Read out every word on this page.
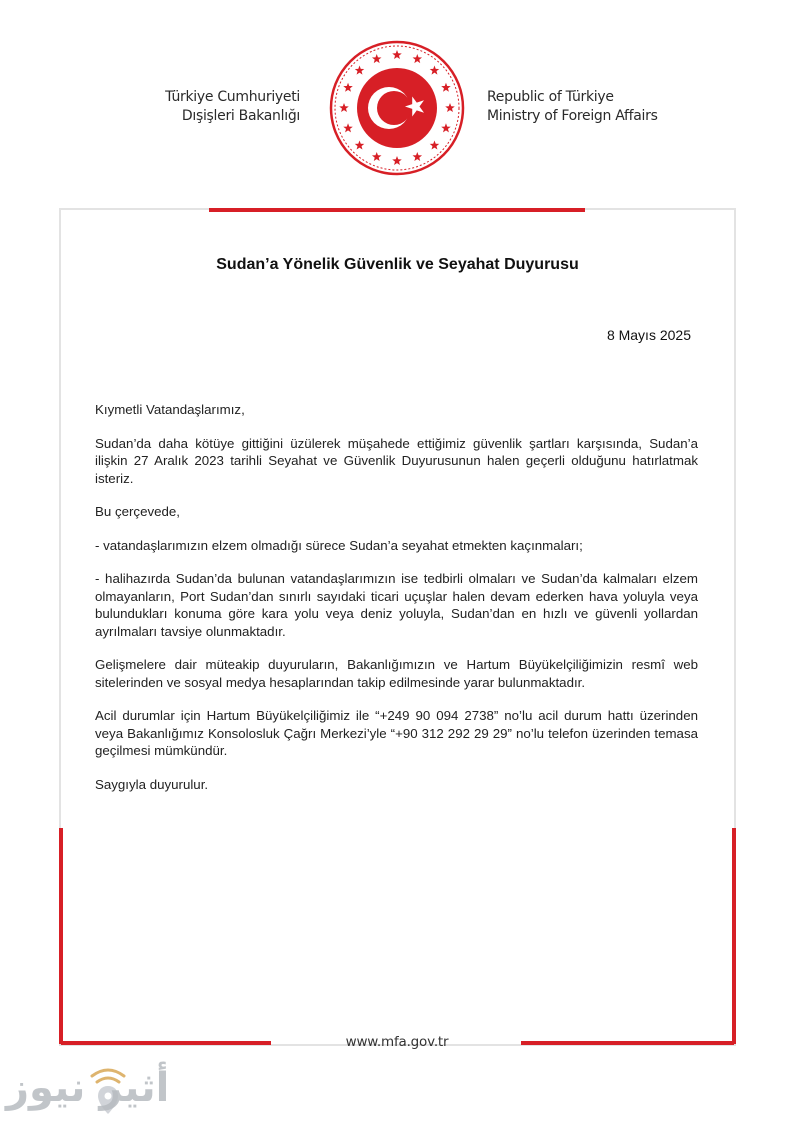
Türkiye Cumhuriyeti
Dışişleri Bakanlığı
Republic of Türkiye
Ministry of Foreign Affairs
Sudan’a Yönelik Güvenlik ve Seyahat Duyurusu
8 Mayıs 2025

Kıymetli Vatandaşlarımız,

Sudan’da daha kötüye gittiğini üzülerek müşahede ettiğimiz güvenlik şartları karşısında, Sudan’a ilişkin 27 Aralık 2023 tarihli Seyahat ve Güvenlik Duyurusunun halen geçerli olduğunu hatırlatmak isteriz.

Bu çerçevede,

- vatandaşlarımızın elzem olmadığı sürece Sudan’a seyahat etmekten kaçınmaları;

- halihazırda Sudan’da bulunan vatandaşlarımızın ise tedbirli olmaları ve Sudan’da kalmaları elzem olmayanların, Port Sudan’dan sınırlı sayıdaki ticari uçuşlar halen devam ederken hava yoluyla veya bulundukları konuma göre kara yolu veya deniz yoluyla, Sudan’dan en hızlı ve güvenli yollardan ayrılmaları tavsiye olunmaktadır.

Gelişmelere dair müteakip duyuruların, Bakanlığımızın ve Hartum Büyükelçiliğimizin resmî web sitelerinden ve sosyal medya hesaplarından takip edilmesinde yarar bulunmaktadır.

Acil durumlar için Hartum Büyükelçiliğimiz ile “+249 90 094 2738” no’lu acil durum hattı üzerinden veya Bakanlığımız Konsolosluk Çağrı Merkezi’yle “+90 312 292 29 29” no’lu telefon üzerinden temasa geçilmesi mümkündür.

Saygıyla duyurulur.

www.mfa.gov.tr
أثير نيوز
